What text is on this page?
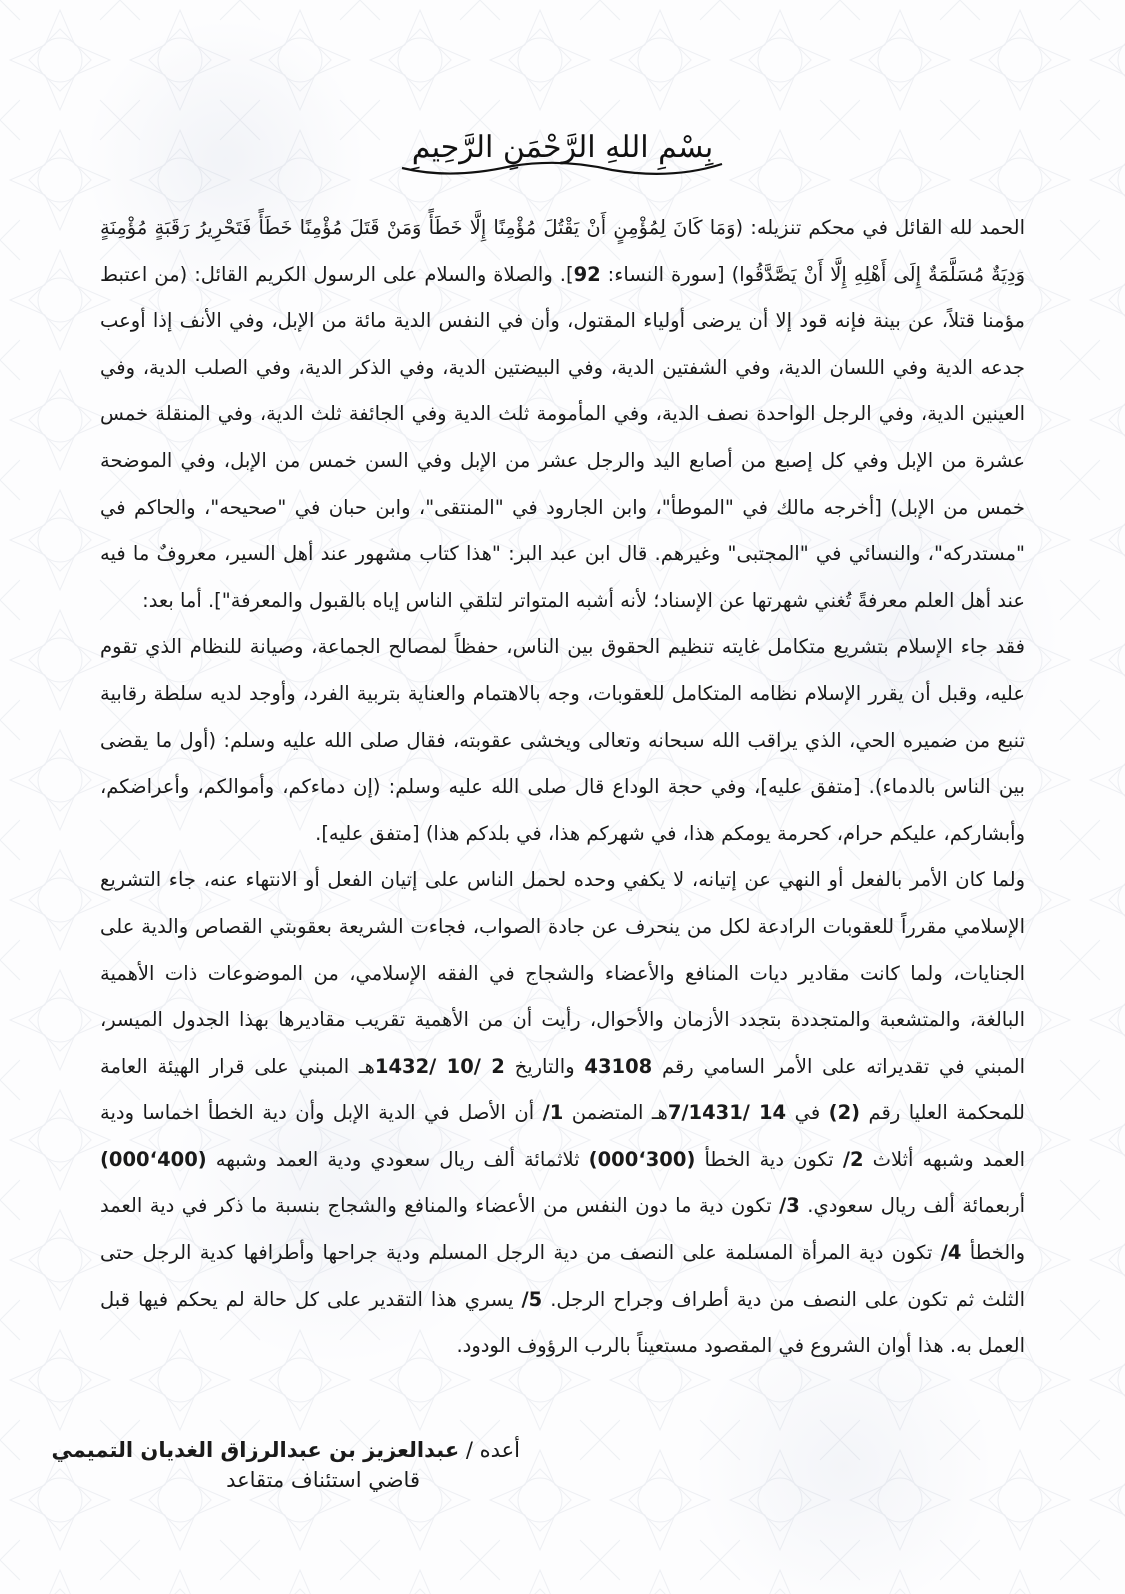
بِسْمِ اللهِ الرَّحْمَنِ الرَّحِيمِ

الحمد لله القائل في محكم تنزيله: (وَمَا كَانَ لِمُؤْمِنٍ أَنْ يَقْتُلَ مُؤْمِنًا إِلَّا خَطَأً وَمَنْ قَتَلَ مُؤْمِنًا خَطَأً فَتَحْرِيرُ رَقَبَةٍ مُؤْمِنَةٍ وَدِيَةٌ مُسَلَّمَةٌ إِلَى أَهْلِهِ إِلَّا أَنْ يَصَّدَّقُوا) [سورة النساء: 92]. والصلاة والسلام على الرسول الكريم القائل: (من اعتبط مؤمنا قتلاً، عن بينة فإنه قود إلا أن يرضى أولياء المقتول، وأن في النفس الدية مائة من الإبل، وفي الأنف إذا أوعب جدعه الدية وفي اللسان الدية، وفي الشفتين الدية، وفي البيضتين الدية، وفي الذكر الدية، وفي الصلب الدية، وفي العينين الدية، وفي الرجل الواحدة نصف الدية، وفي المأمومة ثلث الدية وفي الجائفة ثلث الدية، وفي المنقلة خمس عشرة من الإبل وفي كل إصبع من أصابع اليد والرجل عشر من الإبل وفي السن خمس من الإبل، وفي الموضحة خمس من الإبل) [أخرجه مالك في "الموطأ"، وابن الجارود في "المنتقى"، وابن حبان في "صحيحه"، والحاكم في "مستدركه"، والنسائي في "المجتبى" وغيرهم. قال ابن عبد البر: "هذا كتاب مشهور عند أهل السير، معروفٌ ما فيه عند أهل العلم معرفةً تُغني شهرتها عن الإسناد؛ لأنه أشبه المتواتر لتلقي الناس إياه بالقبول والمعرفة"]. أما بعد:

فقد جاء الإسلام بتشريع متكامل غايته تنظيم الحقوق بين الناس، حفظاً لمصالح الجماعة، وصيانة للنظام الذي تقوم عليه، وقبل أن يقرر الإسلام نظامه المتكامل للعقوبات، وجه بالاهتمام والعناية بتربية الفرد، وأوجد لديه سلطة رقابية تنبع من ضميره الحي، الذي يراقب الله سبحانه وتعالى ويخشى عقوبته، فقال صلى الله عليه وسلم: (أول ما يقضى بين الناس بالدماء). [متفق عليه]، وفي حجة الوداع قال صلى الله عليه وسلم: (إن دماءكم، وأموالكم، وأعراضكم، وأبشاركم، عليكم حرام، كحرمة يومكم هذا، في شهركم هذا، في بلدكم هذا) [متفق عليه].

ولما كان الأمر بالفعل أو النهي عن إتيانه، لا يكفي وحده لحمل الناس على إتيان الفعل أو الانتهاء عنه، جاء التشريع الإسلامي مقرراً للعقوبات الرادعة لكل من ينحرف عن جادة الصواب، فجاءت الشريعة بعقوبتي القصاص والدية على الجنايات، ولما كانت مقادير ديات المنافع والأعضاء والشجاج في الفقه الإسلامي، من الموضوعات ذات الأهمية البالغة، والمتشعبة والمتجددة بتجدد الأزمان والأحوال، رأيت أن من الأهمية تقريب مقاديرها بهذا الجدول الميسر، المبني في تقديراته على الأمر السامي رقم 43108 والتاريخ 2 /10 /1432هـ المبني على قرار الهيئة العامة للمحكمة العليا رقم (2) في 14 /7/1431هـ المتضمن 1/ أن الأصل في الدية الإبل وأن دية الخطأ اخماسا ودية العمد وشبهه أثلاث 2/ تكون دية الخطأ (300‘000) ثلاثمائة ألف ريال سعودي ودية العمد وشبهه (400‘000) أربعمائة ألف ريال سعودي. 3/ تكون دية ما دون النفس من الأعضاء والمنافع والشجاج بنسبة ما ذكر في دية العمد والخطأ 4/ تكون دية المرأة المسلمة على النصف من دية الرجل المسلم ودية جراحها وأطرافها كدية الرجل حتى الثلث ثم تكون على النصف من دية أطراف وجراح الرجل. 5/ يسري هذا التقدير على كل حالة لم يحكم فيها قبل العمل به. هذا أوان الشروع في المقصود مستعيناً بالرب الرؤوف الودود.

أعده / عبدالعزيز بن عبدالرزاق الغديان التميمي
قاضي استئناف متقاعد
